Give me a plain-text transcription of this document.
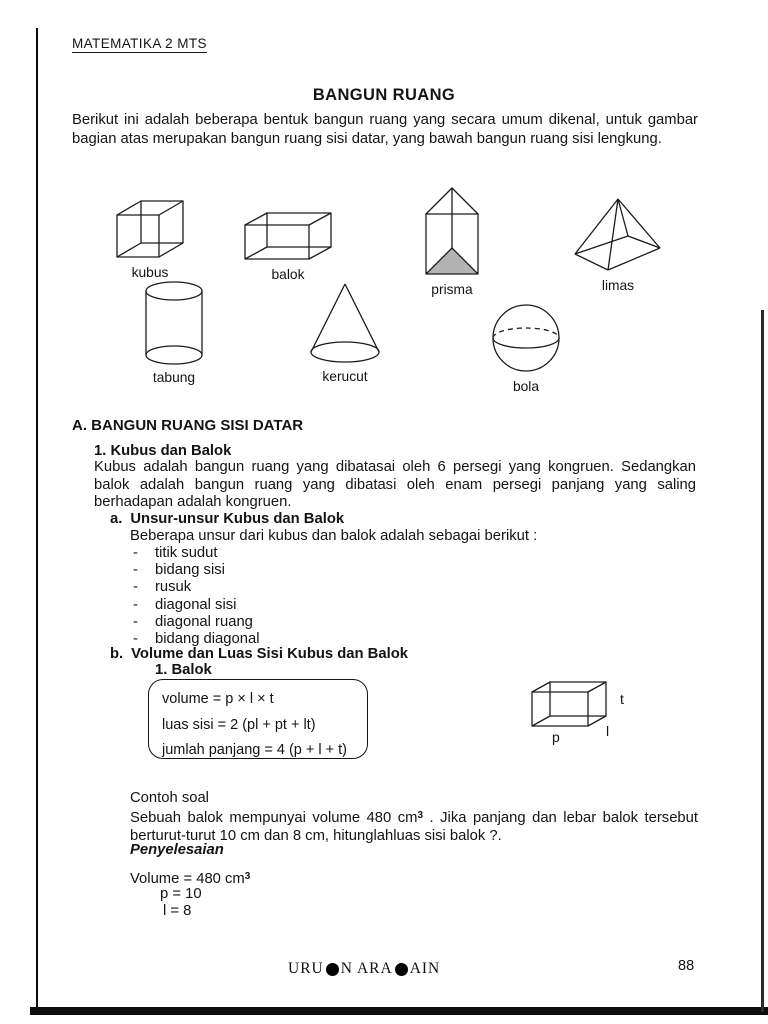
MATEMATIKA 2 MTS
BANGUN RUANG

Berikut ini adalah beberapa bentuk bangun ruang yang secara umum dikenal, untuk gambar bagian atas merupakan bangun ruang sisi datar, yang bawah bangun ruang sisi lengkung.

kubus	balok
prisma	limas
tabung	kerucut
bola
A. BANGUN RUANG SISI DATAR
1. Kubus dan Balok

Kubus adalah bangun ruang yang dibatasai oleh 6 persegi yang kongruen. Sedangkan balok adalah bangun ruang yang dibatasi oleh enam persegi panjang yang saling berhadapan adalah kongruen.

a. Unsur-unsur Kubus dan Balok

Beberapa unsur dari kubus dan balok adalah sebagai berikut :

- titik sudut
- bidang sisi
- rusuk
- diagonal sisi
- diagonal ruang
- bidang diagonal
b. Volume dan Luas Sisi Kubus dan Balok
1. Balok
volume = p × l × t
luas sisi = 2 (pl + pt + lt)
jumlah panjang = 4 (p + l + t)
t
l
p
Contoh soal

Sebuah balok mempunyai volume 480 $cm^3$ . Jika panjang dan lebar balok tersebut berturut-turut 10 cm dan 8 cm, hitunglahluas sisi balok ?.

Penyelesaian
Volume = 480 $cm^3$
p = 10
l = 8
URU N ARA AIN	88
